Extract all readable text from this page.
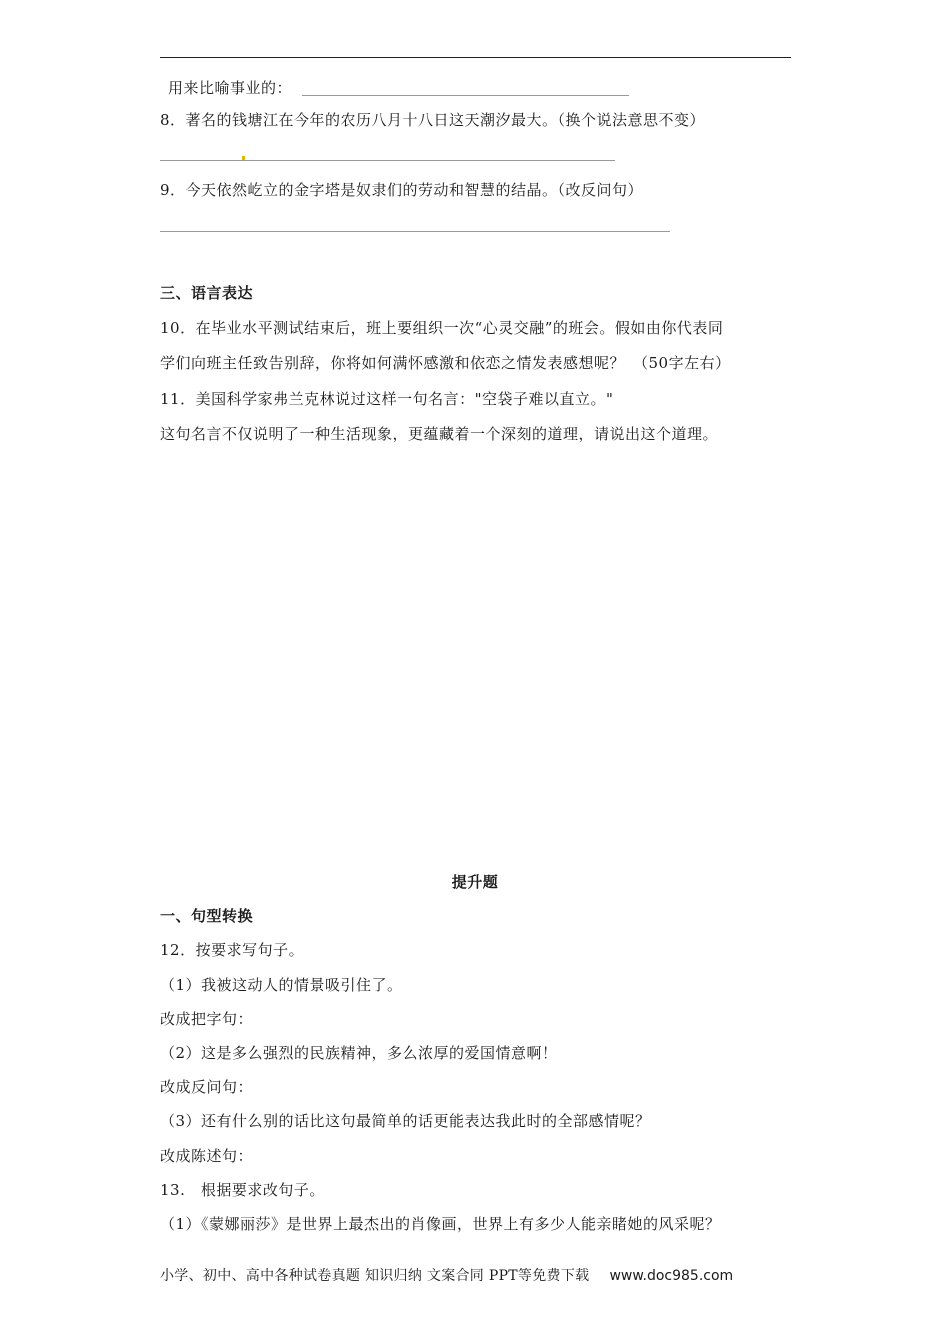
用来比喻事业的：
8．著名的钱塘江在今年的农历八月十八日这天潮汐最大。（换个说法意思不变）
9．今天依然屹立的金字塔是奴隶们的劳动和智慧的结晶。（改反问句）
三、语言表达
10．在毕业水平测试结束后，班上要组织一次“心灵交融”的班会。假如由你代表同
学们向班主任致告别辞，你将如何满怀感激和依恋之情发表感想呢？　（50字左右）
11．美国科学家弗兰克林说过这样一句名言："空袋子难以直立。"
这句名言不仅说明了一种生活现象，更蕴藏着一个深刻的道理，请说出这个道理。
提升题
一、句型转换
12．按要求写句子。
（1）我被这动人的情景吸引住了。
改成把字句：
（2）这是多么强烈的民族精神，多么浓厚的爱国情意啊！
改成反问句：
（3）还有什么别的话比这句最简单的话更能表达我此时的全部感情呢？
改成陈述句：
13.　根据要求改句子。
（1）《蒙娜丽莎》是世界上最杰出的肖像画，世界上有多少人能亲睹她的风采呢？
小学、初中、高中各种试卷真题 知识归纳 文案合同 PPT等免费下载 www.doc985.com
